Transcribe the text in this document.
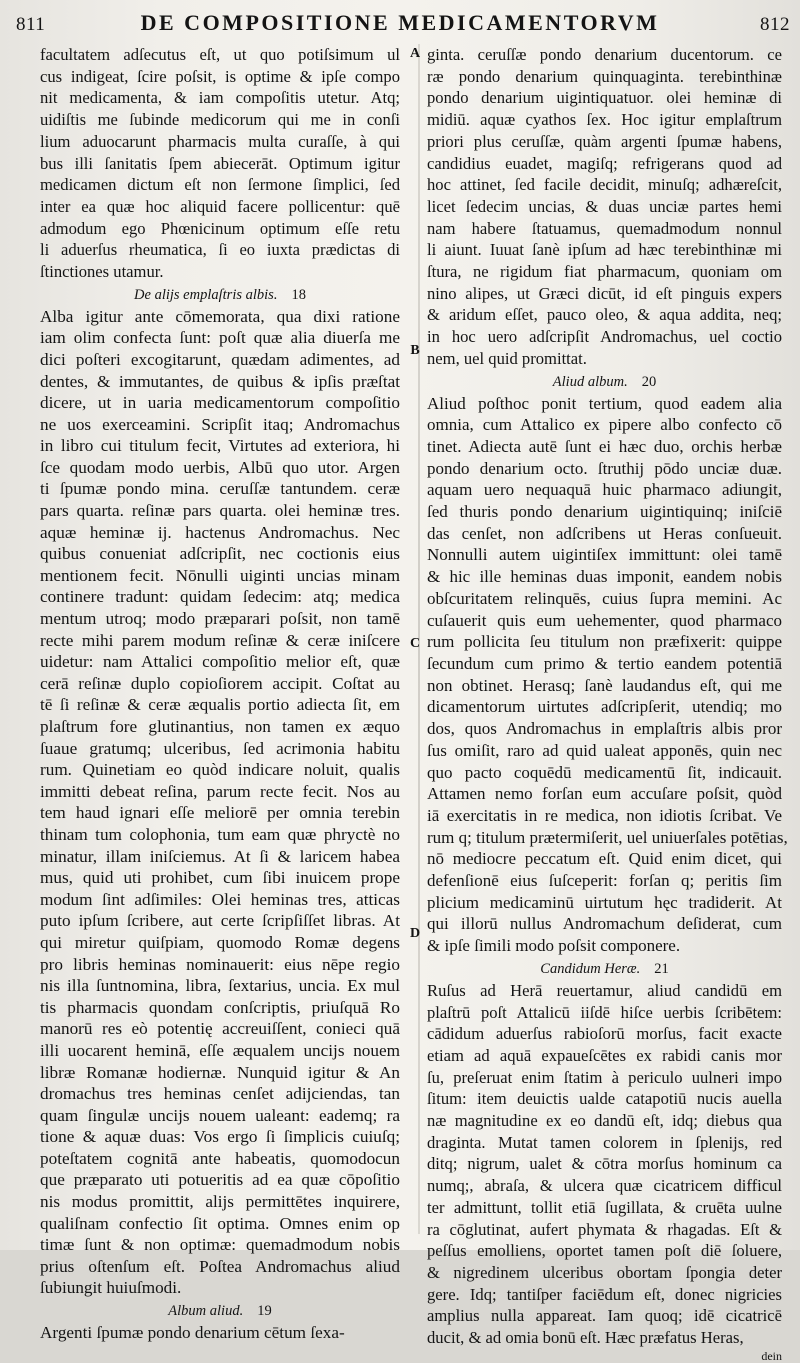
811	DE COMPOSITIONE MEDICAMENTORVM	812
A
B
C
D
facultatem adſecutus eſt, ut quo potiſsimum ul
cus indigeat, ſcire poſsit, is optime & ipſe compo
nit medicamenta, & iam compoſitis utetur. Atq;
uidiſtis me ſubinde medicorum qui me in conſi
lium aduocarunt pharmacis multa curaſſe, à qui
bus illi ſanitatis ſpem abiecerāt. Optimum igitur
medicamen dictum eſt non ſermone ſimplici, ſed
inter ea quæ hoc aliquid facere pollicentur: quē
admodum ego Phœnicinum optimum eſſe retu
li aduerſus rheumatica, ſi eo iuxta prædictas di
ſtinctiones utamur.
De alijs emplaſtris albis. 18
Alba igitur ante cōmemorata, qua dixi ratione
iam olim confecta ſunt: poſt quæ alia diuerſa me
dici poſteri excogitarunt, quædam adimentes, ad
dentes, & immutantes, de quibus & ipſis præſtat
dicere, ut in uaria medicamentorum compoſitio
ne uos exerceamini. Scripſit itaq; Andromachus
in libro cui titulum fecit, Virtutes ad exteriora, hi
ſce quodam modo uerbis, Albū quo utor. Argen
ti ſpumæ pondo mina. ceruſſæ tantundem. ceræ
pars quarta. reſinæ pars quarta. olei heminæ tres.
aquæ heminæ ij. hactenus Andromachus. Nec
quibus conueniat adſcripſit, nec coctionis eius
mentionem fecit. Nōnulli uiginti uncias minam
continere tradunt: quidam ſedecim: atq; medica
mentum utroq; modo præparari poſsit, non tamē
recte mihi parem modum reſinæ & ceræ iniſcere
uidetur: nam Attalici compoſitio melior eſt, quæ
cerā reſinæ duplo copioſiorem accipit. Coſtat au
tē ſi reſinæ & ceræ æqualis portio adiecta ſit, em
plaſtrum fore glutinantius, non tamen ex æquo
ſuaue gratumq; ulceribus, ſed acrimonia habitu
rum. Quinetiam eo quòd indicare noluit, qualis
immitti debeat reſina, parum recte fecit. Nos au
tem haud ignari eſſe meliorē per omnia terebin
thinam tum colophonia, tum eam quæ phryctè no
minatur, illam iniſciemus. At ſi & laricem habea
mus, quid uti prohibet, cum ſibi inuicem prope
modum ſint adſimiles: Olei heminas tres, atticas
puto ipſum ſcribere, aut certe ſcripſiſſet libras. At
qui miretur quiſpiam, quomodo Romæ degens
pro libris heminas nominauerit: eius nēpe regio
nis illa ſuntnomina, libra, ſextarius, uncia. Ex mul
tis pharmacis quondam conſcriptis, priuſquā Ro
manorū res eò potentię accreuiſſent, conieci quā
illi uocarent heminā, eſſe æqualem uncijs nouem
libræ Romanæ hodiernæ. Nunquid igitur & An
dromachus tres heminas cenſet adijciendas, tan
quam ſingulæ uncijs nouem ualeant: eademq; ra
tione & aquæ duas: Vos ergo ſi ſimplicis cuiuſq;
poteſtatem cognitā ante habeatis, quomodocun
que præparato uti potueritis ad ea quæ cōpoſitio
nis modus promittit, alijs permittētes inquirere,
qualiſnam confectio ſit optima. Omnes enim op
timæ ſunt & non optimæ: quemadmodum nobis
prius oſtenſum eſt. Poſtea Andromachus aliud
ſubiungit huiuſmodi.
Album aliud. 19
Argenti ſpumæ pondo denarium cētum ſexa-
ginta. ceruſſæ pondo denarium ducentorum. ce
ræ pondo denarium quinquaginta. terebinthinæ
pondo denarium uigintiquatuor. olei heminæ di
midiū. aquæ cyathos ſex. Hoc igitur emplaſtrum
priori plus ceruſſæ, quàm argenti ſpumæ habens,
candidius euadet, magiſq; refrigerans quod ad
hoc attinet, ſed facile decidit, minuſq; adhæreſcit,
licet ſedecim uncias, & duas unciæ partes hemi
nam habere ſtatuamus, quemadmodum nonnul
li aiunt. Iuuat ſanè ipſum ad hæc terebinthinæ mi
ſtura, ne rigidum fiat pharmacum, quoniam om
nino alipes, ut Græci dicūt, id eſt pinguis expers
& aridum eſſet, pauco oleo, & aqua addita, neq;
in hoc uero adſcripſit Andromachus, uel coctio
nem, uel quid promittat.
Aliud album. 20
Aliud poſthoc ponit tertium, quod eadem alia
omnia, cum Attalico ex pipere albo confecto cō
tinet. Adiecta autē ſunt ei hæc duo, orchis herbæ
pondo denarium octo. ſtruthij pōdo unciæ duæ.
aquam uero nequaquā huic pharmaco adiungit,
ſed thuris pondo denarium uigintiquinq; iniſciē
das cenſet, non adſcribens ut Heras conſueuit.
Nonnulli autem uigintiſex immittunt: olei tamē
& hic ille heminas duas imponit, eandem nobis
obſcuritatem relinquēs, cuius ſupra memini. Ac
cuſauerit quis eum uehementer, quod pharmaco
rum pollicita ſeu titulum non præfixerit: quippe
ſecundum cum primo & tertio eandem potentiā
non obtinet. Herasq; ſanè laudandus eſt, qui me
dicamentorum uirtutes adſcripſerit, utendiq; mo
dos, quos Andromachus in emplaſtris albis pror
ſus omiſit, raro ad quid ualeat apponēs, quin nec
quo pacto coquēdū medicamentū ſit, indicauit.
Attamen nemo forſan eum accuſare poſsit, quòd
iā exercitatis in re medica, non idiotis ſcribat. Ve
rum q; titulum prætermiſerit, uel uniuerſales potētias,
nō mediocre peccatum eſt. Quid enim dicet, qui
defenſionē eius ſuſceperit: forſan q; peritis ſim
plicium medicaminū uirtutum hęc tradiderit. At
qui illorū nullus Andromachum deſiderat, cum
& ipſe ſimili modo poſsit componere.
Candidum Heræ. 21
Ruſus ad Herā reuertamur, aliud candidū em
plaſtrū poſt Attalicū iiſdē hiſce uerbis ſcribētem:
cādidum aduerſus rabioſorū morſus, facit exacte
etiam ad aquā expaueſcētes ex rabidi canis mor
ſu, preſeruat enim ſtatim à periculo uulneri impo
ſitum: item deuictis ualde catapotiū nucis auella
næ magnitudine ex eo dandū eſt, idq; diebus qua
draginta. Mutat tamen colorem in ſplenijs, red
ditq; nigrum, ualet & cōtra morſus hominum ca
numq;, abraſa, & ulcera quæ cicatricem difficul
ter admittunt, tollit etiā ſugillata, & cruēta uulne
ra cōglutinat, aufert phymata & rhagadas. Eſt &
peſſus emolliens, oportet tamen poſt diē ſoluere,
& nigredinem ulceribus obortam ſpongia deter
gere. Idq; tantiſper faciēdum eſt, donec nigricies
amplius nulla appareat. Iam quoq; idē cicatricē
ducit, & ad omia bonū eſt. Hæc præfatus Heras,
dein
